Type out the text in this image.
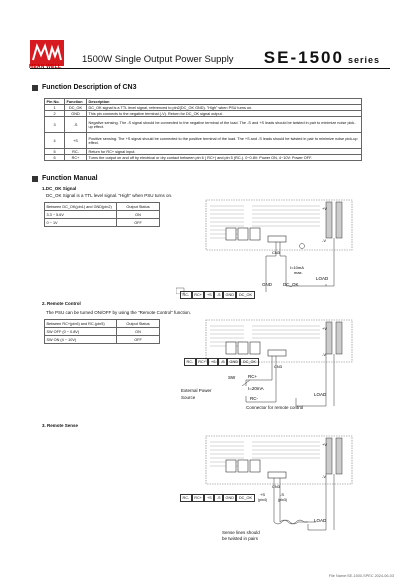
MEAN WELL
1500W Single Output Power Supply SE-1500 series
Function Description of CN3
Pin No.	Function	Description
1	DC_OK	DC_OK signal is a TTL level signal, referenced to pin2(DC_OK GND). "High" when PSU turns on.
2	GND	This pin connects to the negative terminal (-V). Return for DC_OK signal output.
3	-S	Negative sensing. The -S signal should be connected to the negative terminal of the load. The -S and +S leads should be twisted in pair to minimize noise pick-up effect.
4	+S	Positive sensing. The +S signal should be connected to the positive terminal of the load. The +S and -S leads should be twisted in pair to minimize noise pick-up effect.
5	RC-	Return for RC+ signal input.
6	RC+	Turns the output on and off by electrical or dry contact between pin 6 ( RC+) and pin 5 (RC-). 0~0.8V: Power ON, 4~10V: Power OFF.
Function Manual
1.DC_OK Signal
DC_OK Signal is a TTL level signal. "High" when PSU turns on.
Between DC_OK(pin1) and GND(pin2)	Output Status
3.3 ~ 5.6V	ON
0 ~ 1V	OFF
2. Remote Control
The PSU can be turned ON/OFF by using the "Remote Control" function.
Between RC+(pin6) and RC-(pin5)	Output Status
SW OFF (0 ~ 0.8V)	ON
SW ON (4 ~ 10V)	OFF
3. Remote Sense
+V
-V
CN3
I=10mA
max.
LOAD
RC-	RC+	+S	-S	GND	DC_OK
GND DC_OK
+V
-V
CN3
SW	RC+
RC-
I=20mA
LOAD
RC-	RC+	+S	-S	GND	DC_OK
External Power
Source
Connector for remote control
+V
-V
CN3
+S
(pin4)
-S
(pin3)
LOAD
RC-	RC+	+S	-S	GND	DC_OK
Sense lines should
be twisted in pairs
File Name:SE-1500-SPEC 2024-06-03
